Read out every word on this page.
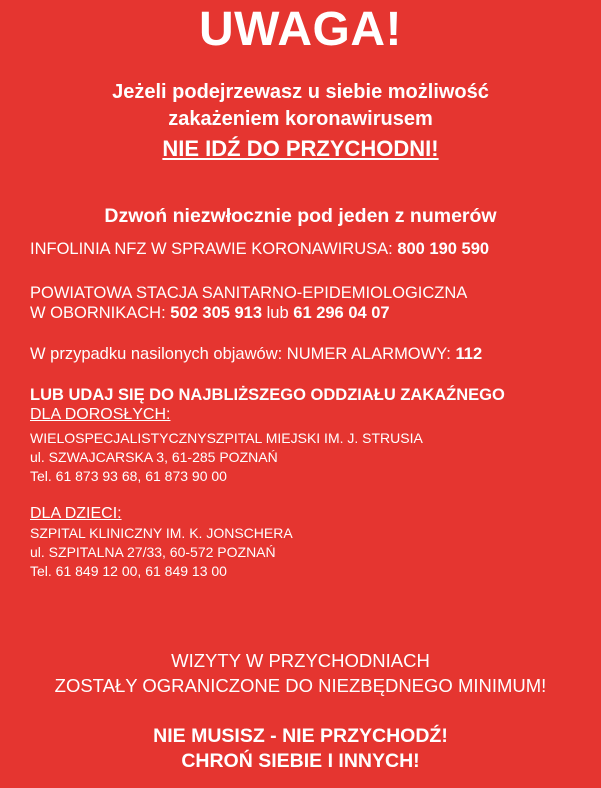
UWAGA!
Jeżeli podejrzewasz u siebie możliwość
zakażeniem koronawirusem
NIE IDŹ DO PRZYCHODNI!
Dzwoń niezwłocznie pod jeden z numerów
INFOLINIA NFZ W SPRAWIE KORONAWIRUSA: 800 190 590
POWIATOWA STACJA SANITARNO-EPIDEMIOLOGICZNA
W OBORNIKACH: 502 305 913 lub 61 296 04 07
W przypadku nasilonych objawów: NUMER ALARMOWY: 112
LUB UDAJ SIĘ DO NAJBLIŻSZEGO ODDZIAŁU ZAKAŹNEGO
DLA DOROSŁYCH:
WIELOSPECJALISTYCZNYSZPITAL MIEJSKI IM. J. STRUSIA
ul. SZWAJCARSKA 3, 61-285 POZNAŃ
Tel. 61 873 93 68, 61 873 90 00
DLA DZIECI:
SZPITAL KLINICZNY IM. K. JONSCHERA
ul. SZPITALNA 27/33, 60-572 POZNAŃ
Tel. 61 849 12 00, 61 849 13 00
WIZYTY W PRZYCHODNIACH
ZOSTAŁY OGRANICZONE DO NIEZBĘDNEGO MINIMUM!
NIE MUSISZ - NIE PRZYCHODŹ!
CHROŃ SIEBIE I INNYCH!
